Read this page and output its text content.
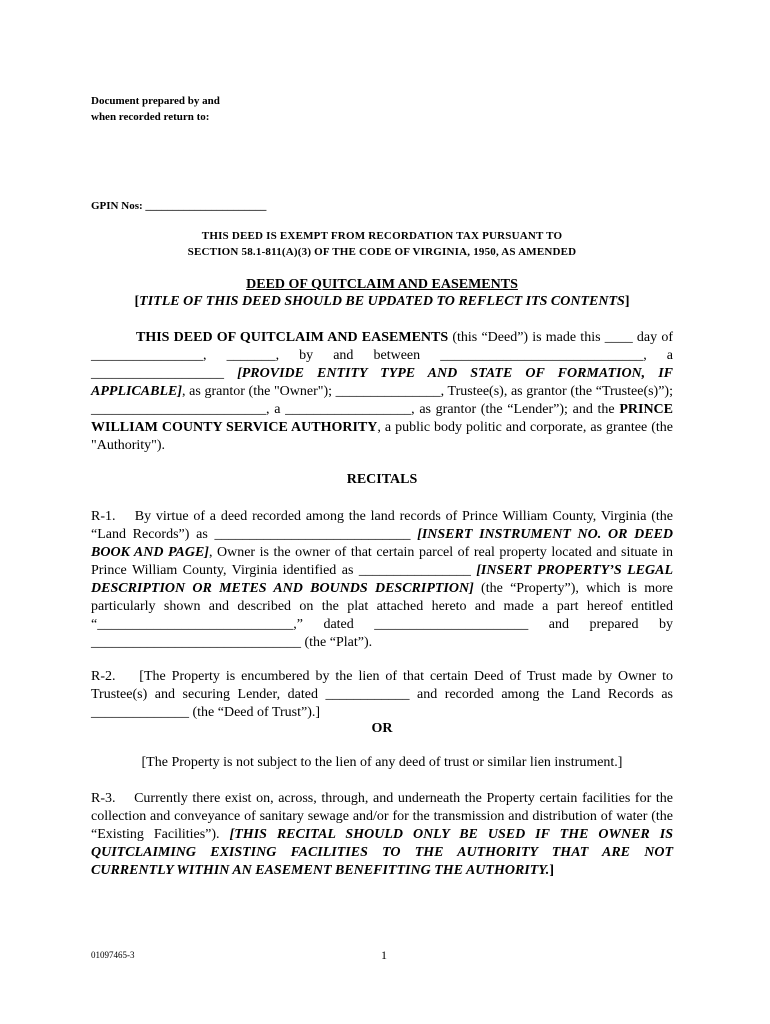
Document prepared by and
when recorded return to:
GPIN Nos: ______________________
THIS DEED IS EXEMPT FROM RECORDATION TAX PURSUANT TO
SECTION 58.1-811(A)(3) OF THE CODE OF VIRGINIA, 1950, AS AMENDED
DEED OF QUITCLAIM AND EASEMENTS
[TITLE OF THIS DEED SHOULD BE UPDATED TO REFLECT ITS CONTENTS]
THIS DEED OF QUITCLAIM AND EASEMENTS (this “Deed”) is made this ____ day of ________________, _______, by and between _____________________________, a ___________________ [PROVIDE ENTITY TYPE AND STATE OF FORMATION, IF APPLICABLE], as grantor (the "Owner"); _______________, Trustee(s), as grantor (the “Trustee(s)”); _________________________, a __________________, as grantor (the “Lender”); and the PRINCE WILLIAM COUNTY SERVICE AUTHORITY, a public body politic and corporate, as grantee (the "Authority").
RECITALS
R-1.    By virtue of a deed recorded among the land records of Prince William County, Virginia (the “Land Records”) as ____________________________ [INSERT INSTRUMENT NO. OR DEED BOOK AND PAGE], Owner is the owner of that certain parcel of real property located and situate in Prince William County, Virginia identified as ________________ [INSERT PROPERTY’S LEGAL DESCRIPTION OR METES AND BOUNDS DESCRIPTION] (the “Property”), which is more particularly shown and described on the plat attached hereto and made a part hereof entitled “____________________________,” dated ______________________ and prepared by ______________________________ (the “Plat”).
R-2.    [The Property is encumbered by the lien of that certain Deed of Trust made by Owner to Trustee(s) and securing Lender, dated ____________ and recorded among the Land Records as ______________ (the “Deed of Trust”).]
OR
[The Property is not subject to the lien of any deed of trust or similar lien instrument.]
R-3.    Currently there exist on, across, through, and underneath the Property certain facilities for the collection and conveyance of sanitary sewage and/or for the transmission and distribution of water (the “Existing Facilities”). [THIS RECITAL SHOULD ONLY BE USED IF THE OWNER IS QUITCLAIMING EXISTING FACILITIES TO THE AUTHORITY THAT ARE NOT CURRENTLY WITHIN AN EASEMENT BENEFITTING THE AUTHORITY.]
01097465-3	1
